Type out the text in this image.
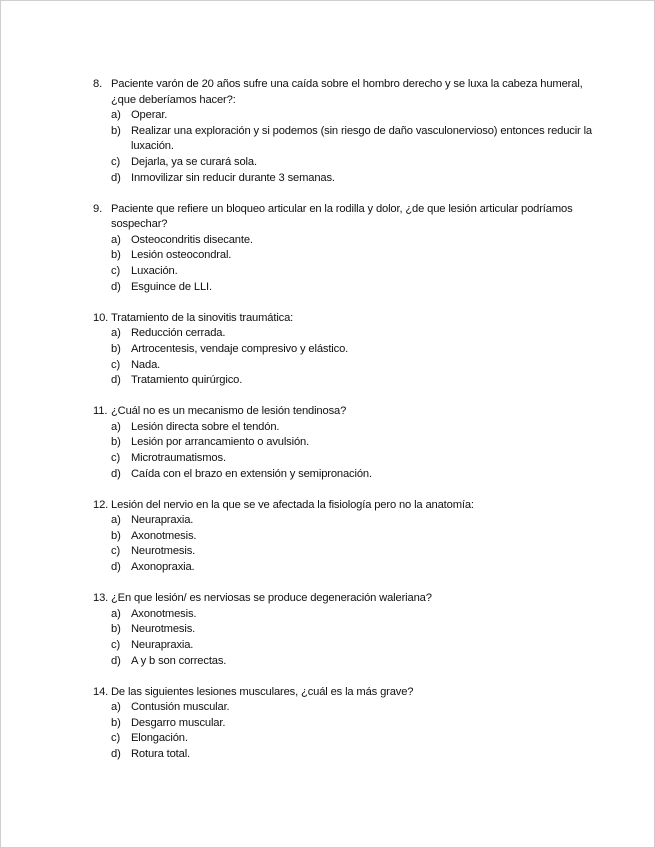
8. Paciente varón de 20 años sufre una caída sobre el hombro derecho y se luxa la cabeza humeral, ¿que deberíamos hacer?:
a) Operar.
b) Realizar una exploración y si podemos (sin riesgo de daño vasculonervioso) entonces reducir la luxación.
c) Dejarla, ya se curará sola.
d) Inmovilizar sin reducir durante 3 semanas.
9. Paciente que refiere un bloqueo articular en la rodilla y dolor, ¿de que lesión articular podríamos sospechar?
a) Osteocondritis disecante.
b) Lesión osteocondral.
c) Luxación.
d) Esguince de LLI.
10. Tratamiento de la sinovitis traumática:
a) Reducción cerrada.
b) Artrocentesis, vendaje compresivo y elástico.
c) Nada.
d) Tratamiento quirúrgico.
11. ¿Cuál no es un mecanismo de lesión tendinosa?
a) Lesión directa sobre el tendón.
b) Lesión por arrancamiento o avulsión.
c) Microtraumatismos.
d) Caída con el brazo en extensión y semipronación.
12. Lesión del nervio en la que se ve afectada la fisiología pero no la anatomía:
a) Neurapraxia.
b) Axonotmesis.
c) Neurotmesis.
d) Axonopraxia.
13. ¿En que lesión/ es nerviosas se produce degeneración waleriana?
a) Axonotmesis.
b) Neurotmesis.
c) Neurapraxia.
d) A y b son correctas.
14. De las siguientes lesiones musculares, ¿cuál es la más grave?
a) Contusión muscular.
b) Desgarro muscular.
c) Elongación.
d) Rotura total.
